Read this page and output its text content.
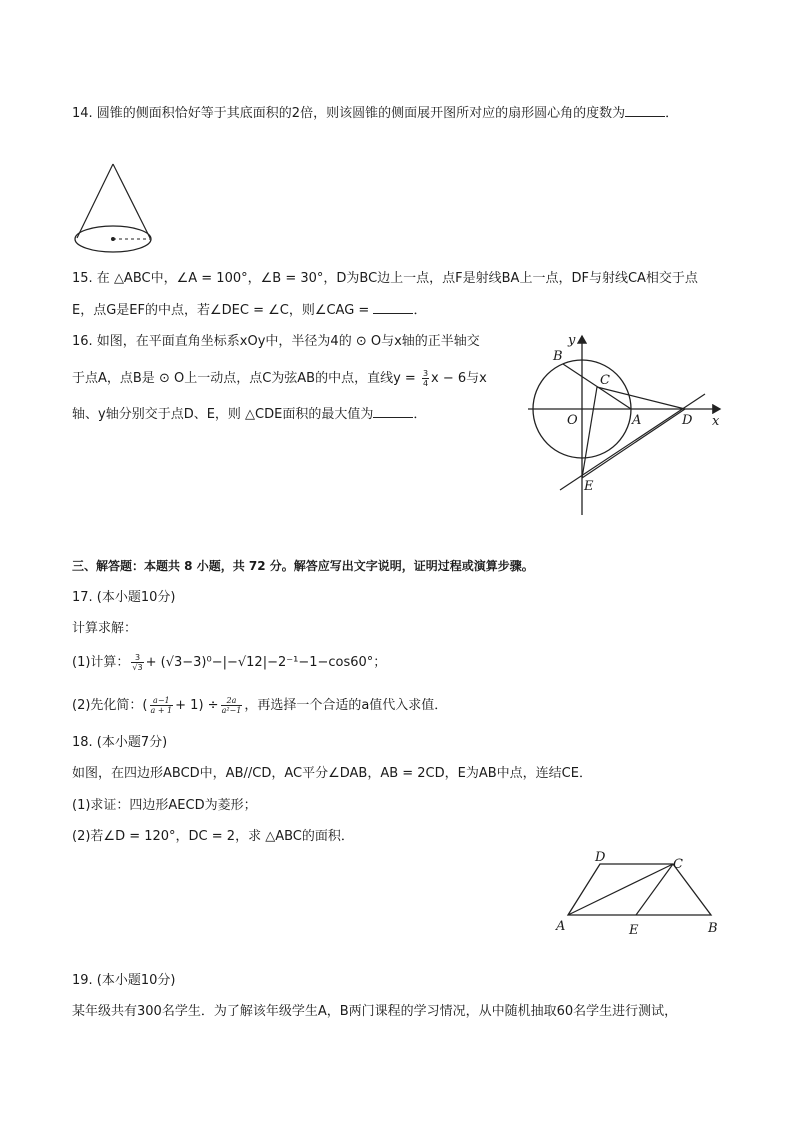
14. 圆锥的侧面积恰好等于其底面积的2倍，则该圆锥的侧面展开图所对应的扇形圆心角的度数为	．
15. 在 △ABC中，∠A = 100°，∠B = 30°，D为BC边上一点，点F是射线BA上一点，DF与射线CA相交于点
E，点G是EF的中点，若∠DEC = ∠C，则∠CAG =	．
16. 如图，在平面直角坐标系xOy中，半径为4的 ⊙ O与x轴的正半轴交
于点A，点B是 ⊙ O上一动点，点C为弦AB的中点，直线$y = \frac{3}{4}$ x − 6与x
轴、y轴分别交于点D、E，则 △CDE面积的最大值为	．
y
x
B
C
O	A	D
E
三、解答题：本题共 8 小题，共 72 分。解答应写出文字说明，证明过程或演算步骤。
17. (本小题10分)
计算求解：
(1)计算： $\frac{3}{√3} + (√3-3)^0-|-√12|-2^{-1}-1-\cos 60^\circ$；
(2)先化简：( $\frac{a-1}{a + 1} + 1) \div \frac{2a}{\text{a²−1}}$ ，再选择一个合适的a值代入求值．
18. (本小题7分)
如图，在四边形ABCD中，AB//CD，AC平分∠DAB，AB = 2CD，E为AB中点，连结CE．
(1)求证：四边形AECD为菱形；
(2)若∠D = 120°，DC = 2，求 △ABC的面积．
D	C
A	E	B
19. (本小题10分)
某年级共有300名学生．为了解该年级学生A，B两门课程的学习情况，从中随机抽取60名学生进行测试，
